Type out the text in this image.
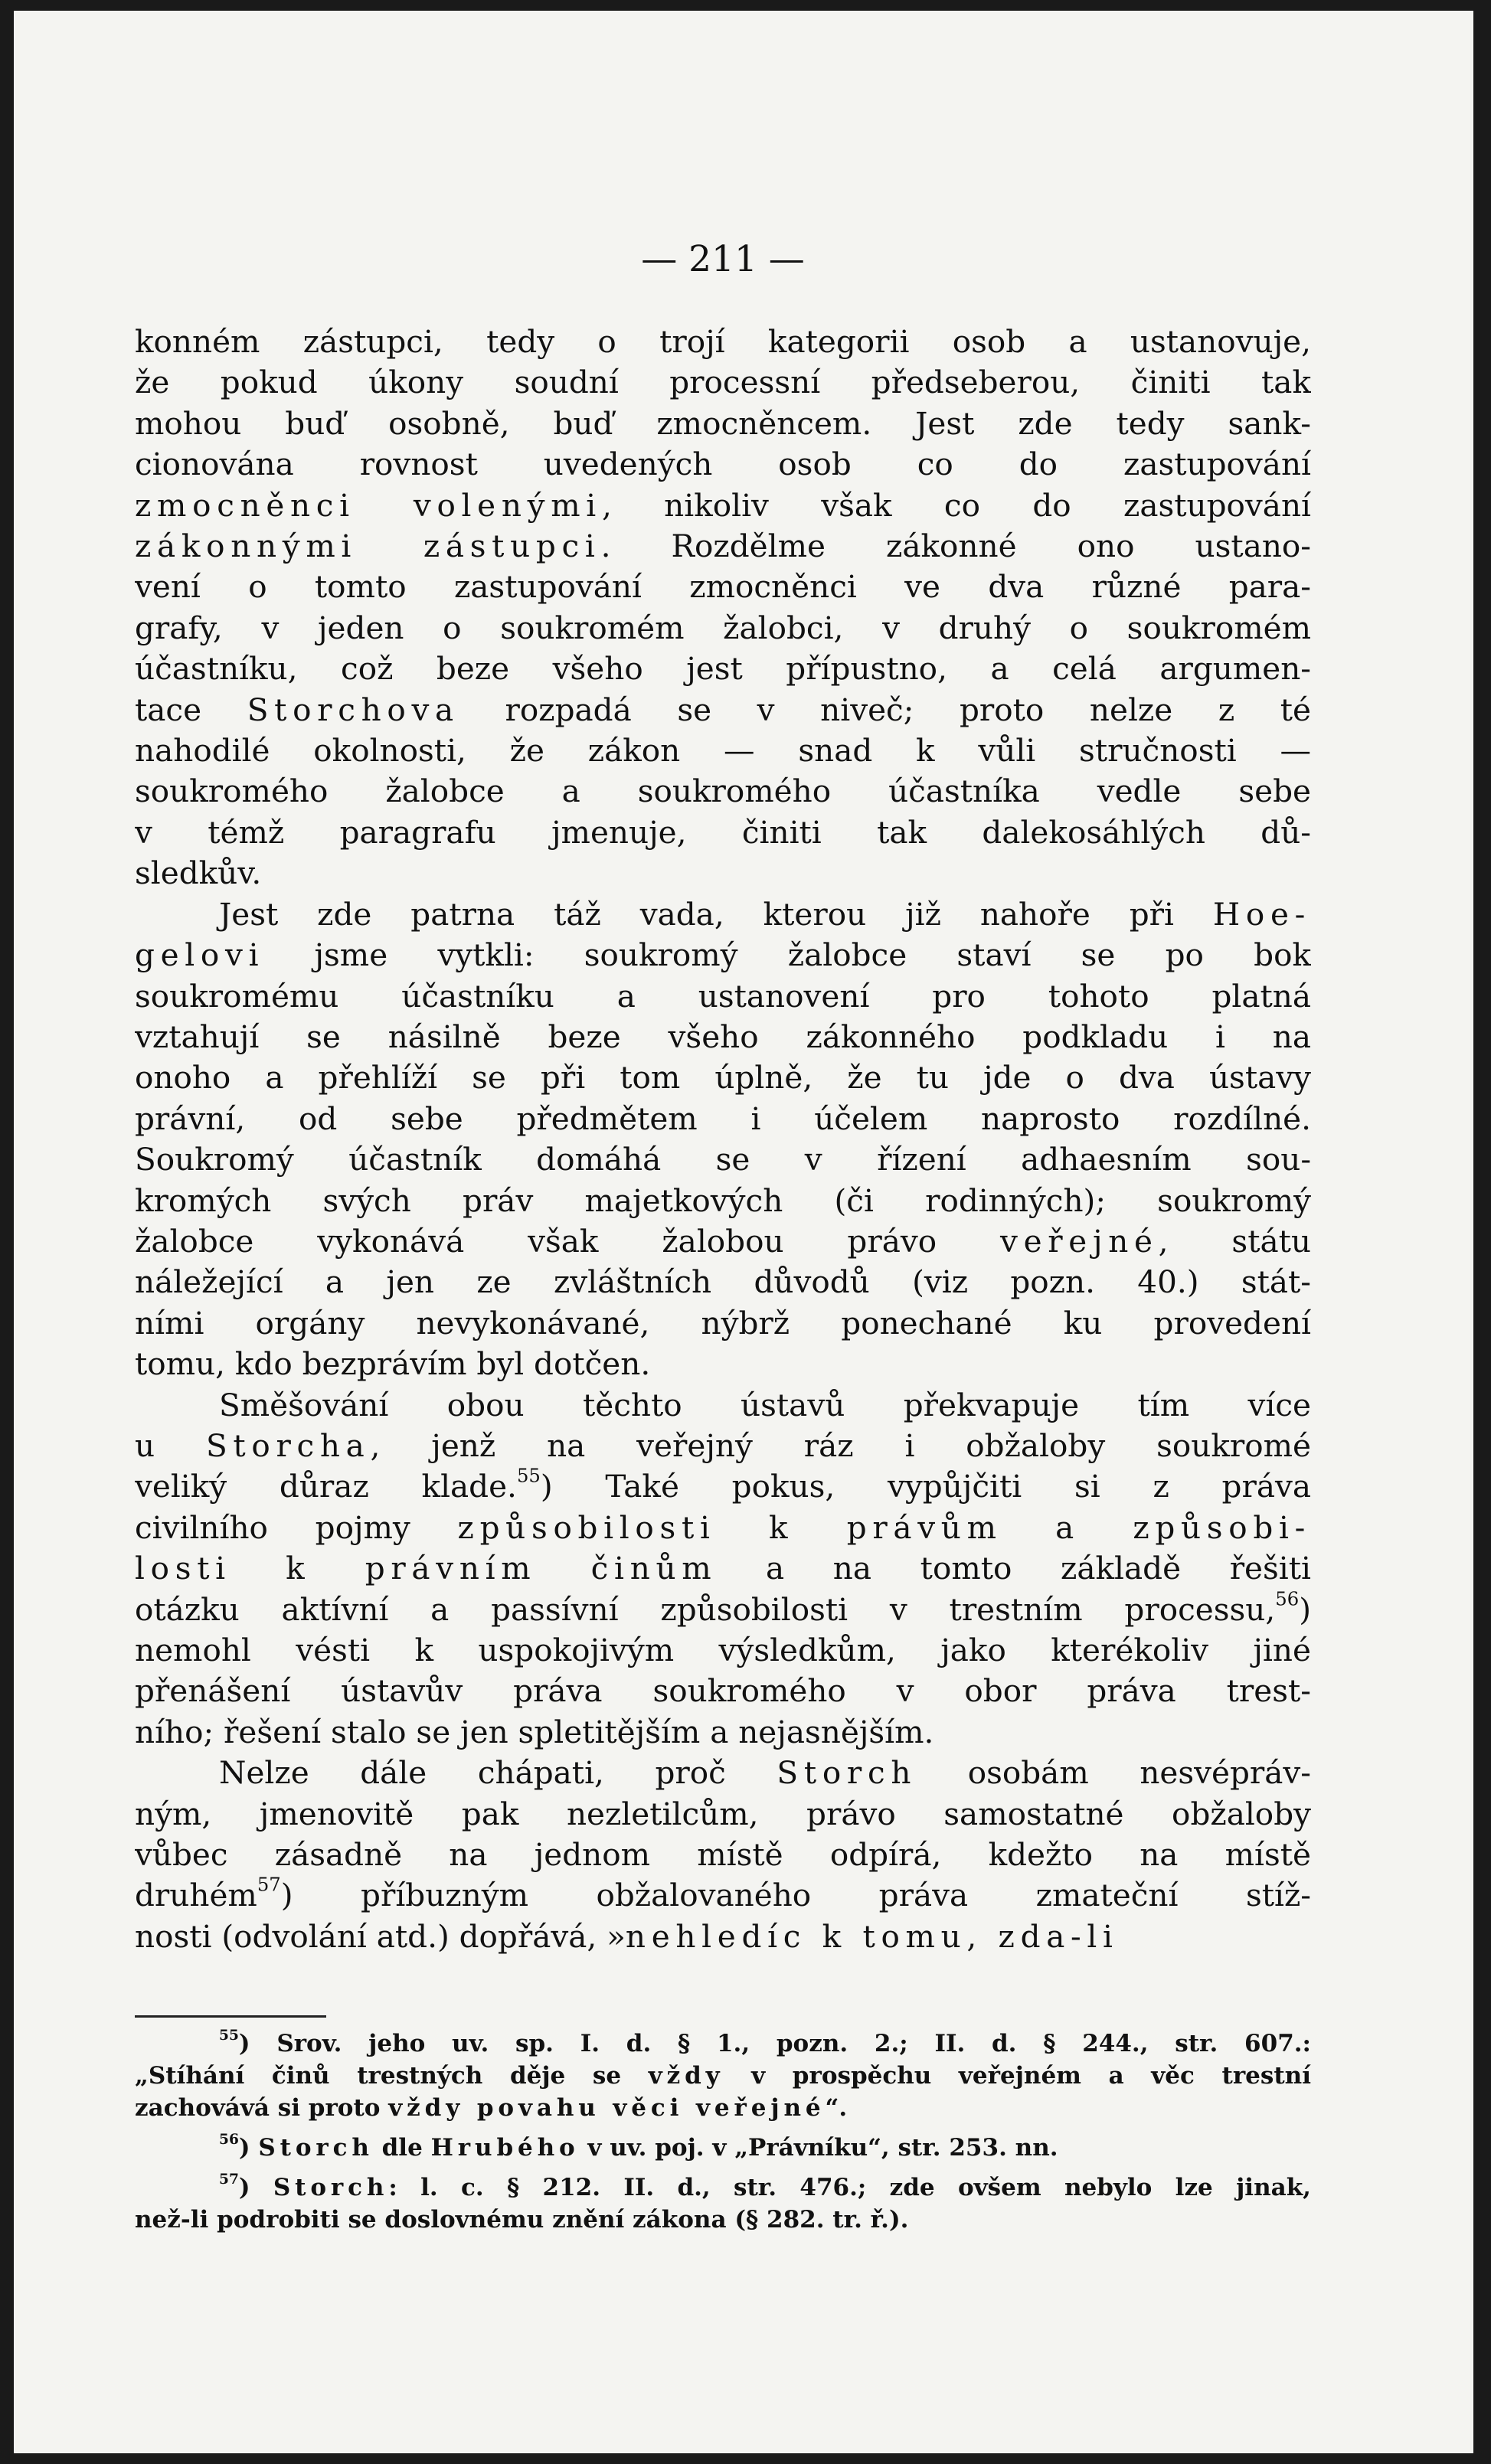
— 211 —
konném zástupci, tedy o trojí kategorii osob a ustanovuje,
že pokud úkony soudní processní předseberou, činiti tak
mohou buď osobně, buď zmocněncem. Jest zde tedy sank-
cionována rovnost uvedených osob co do zastupování
zmocněnci volenými, nikoliv však co do zastupování
zákonnými zástupci. Rozdělme zákonné ono ustano-
vení o tomto zastupování zmocněnci ve dva různé para-
grafy, v jeden o soukromém žalobci, v druhý o soukromém
účastníku, což beze všeho jest přípustno, a celá argumen-
tace Storchova rozpadá se v niveč; proto nelze z té
nahodilé okolnosti, že zákon — snad k vůli stručnosti —
soukromého žalobce a soukromého účastníka vedle sebe
v témž paragrafu jmenuje, činiti tak dalekosáhlých dů-
sledkův.
Jest zde patrna táž vada, kterou již nahoře při Hoe-
gelovi jsme vytkli: soukromý žalobce staví se po bok
soukromému účastníku a ustanovení pro tohoto platná
vztahují se násilně beze všeho zákonného podkladu i na
onoho a přehlíží se při tom úplně, že tu jde o dva ústavy
právní, od sebe předmětem i účelem naprosto rozdílné.
Soukromý účastník domáhá se v řízení adhaesním sou-
kromých svých práv majetkových (či rodinných); soukromý
žalobce vykonává však žalobou právo veřejné, státu
náležející a jen ze zvláštních důvodů (viz pozn. 40.) stát-
ními orgány nevykonávané, nýbrž ponechané ku provedení
tomu, kdo bezprávím byl dotčen.
Směšování obou těchto ústavů překvapuje tím více
u Storcha, jenž na veřejný ráz i obžaloby soukromé
veliký důraz klade.$^{55}$) Také pokus, vypůjčiti si z práva
civilního pojmy způsobilosti k právům a způsobi-
losti k právním činům a na tomto základě řešiti
otázku aktívní a passívní způsobilosti v trestním processu,$^{56}$)
nemohl vésti k uspokojivým výsledkům, jako kterékoliv jiné
přenášení ústavův práva soukromého v obor práva trest-
ního; řešení stalo se jen spletitějším a nejasnějším.
Nelze dále chápati, proč Storch osobám nesvépráv-
ným, jmenovitě pak nezletilcům, právo samostatné obžaloby
vůbec zásadně na jednom místě odpírá, kdežto na místě
druhém$^{57}$) příbuzným obžalovaného práva zmateční stíž-
nosti (odvolání atd.) dopřává, »nehledíc k tomu, zda-li
$^{55}$) Srov. jeho uv. sp. I. d. § 1., pozn. 2.; II. d. § 244., str. 607.:
„Stíhání činů trestných děje se vždy v prospěchu veřejném a věc trestní
zachovává si proto vždy povahu věci veřejné“.
$^{56}$) Storch dle Hrubého v uv. poj. v „Právníku“, str. 253. nn.
$^{57}$) Storch: l. c. § 212. II. d., str. 476.; zde ovšem nebylo lze jinak,
než-li podrobiti se doslovnému znění zákona (§ 282. tr. ř.).
